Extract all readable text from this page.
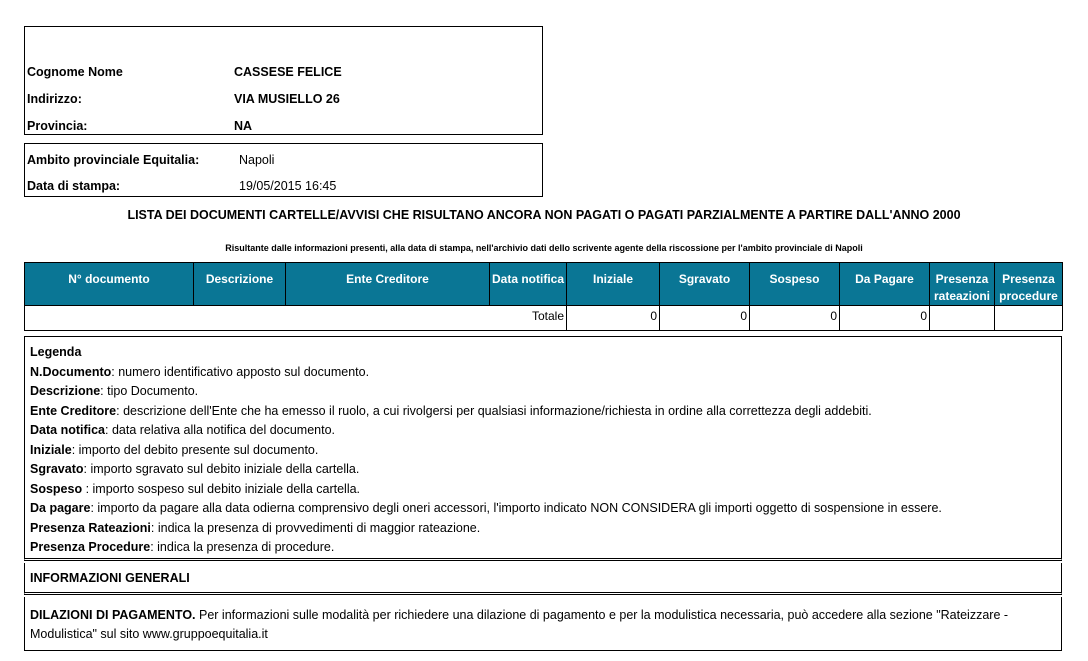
Cognome Nome	CASSESE FELICE
Indirizzo:	VIA MUSIELLO 26
Provincia:	NA
Ambito provinciale Equitalia:	Napoli
Data di stampa:	19/05/2015 16:45
LISTA DEI DOCUMENTI CARTELLE/AVVISI CHE RISULTANO ANCORA NON PAGATI O PAGATI PARZIALMENTE A PARTIRE DALL'ANNO 2000
Risultante dalle informazioni presenti, alla data di stampa, nell'archivio dati dello scrivente agente della riscossione per l'ambito provinciale di Napoli
N° documento	Descrizione	Ente Creditore	Data notifica	Iniziale	Sgravato	Sospeso	Da Pagare	Presenza rateazioni	Presenza procedure
Totale				0	0	0	0		
Legenda
N.Documento: numero identificativo apposto sul documento.
Descrizione: tipo Documento.
Ente Creditore: descrizione dell'Ente che ha emesso il ruolo, a cui rivolgersi per qualsiasi informazione/richiesta in ordine alla correttezza degli addebiti.
Data notifica: data relativa alla notifica del documento.
Iniziale: importo del debito presente sul documento.
Sgravato: importo sgravato sul debito iniziale della cartella.
Sospeso : importo sospeso sul debito iniziale della cartella.
Da pagare: importo da pagare alla data odierna comprensivo degli oneri accessori, l'importo indicato NON CONSIDERA gli importi oggetto di sospensione in essere.
Presenza Rateazioni: indica la presenza di provvedimenti di maggior rateazione.
Presenza Procedure: indica la presenza di procedure.
INFORMAZIONI GENERALI
DILAZIONI DI PAGAMENTO. Per informazioni sulle modalità per richiedere una dilazione di pagamento e per la modulistica necessaria, può accedere alla sezione "Rateizzare - Modulistica" sul sito www.gruppoequitalia.it
